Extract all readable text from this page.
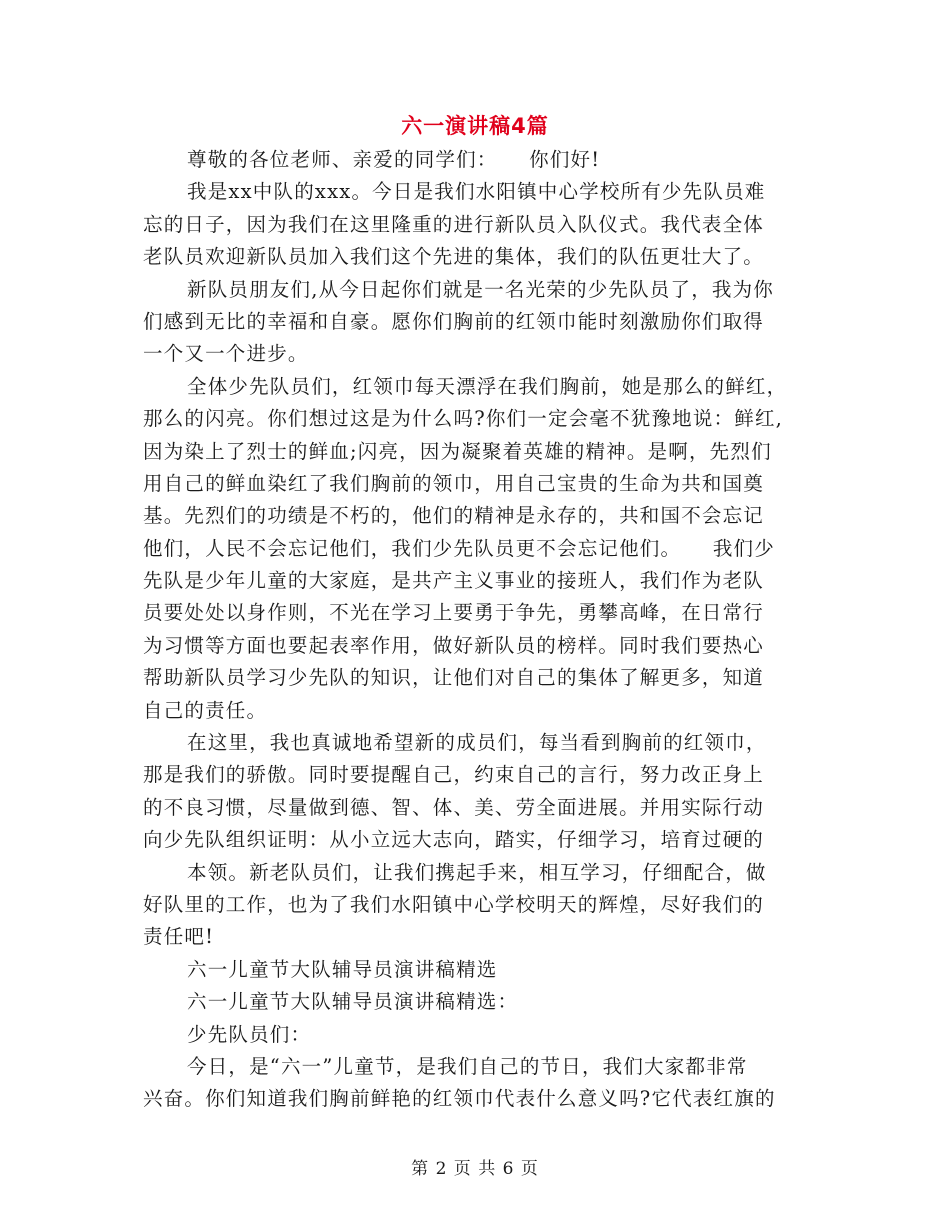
六一演讲稿4篇
尊敬的各位老师、亲爱的同学们：　　你们好!
我是xx中队的xxx。今日是我们水阳镇中心学校所有少先队员难
忘的日子，因为我们在这里隆重的进行新队员入队仪式。我代表全体
老队员欢迎新队员加入我们这个先进的集体，我们的队伍更壮大了。
新队员朋友们,从今日起你们就是一名光荣的少先队员了，我为你
们感到无比的幸福和自豪。愿你们胸前的红领巾能时刻激励你们取得
一个又一个进步。
全体少先队员们，红领巾每天漂浮在我们胸前，她是那么的鲜红，
那么的闪亮。你们想过这是为什么吗?你们一定会毫不犹豫地说：鲜红,
因为染上了烈士的鲜血;闪亮，因为凝聚着英雄的精神。是啊，先烈们
用自己的鲜血染红了我们胸前的领巾，用自己宝贵的生命为共和国奠
基。先烈们的功绩是不朽的，他们的精神是永存的，共和国不会忘记
他们，人民不会忘记他们，我们少先队员更不会忘记他们。　　我们少
先队是少年儿童的大家庭，是共产主义事业的接班人，我们作为老队
员要处处以身作则，不光在学习上要勇于争先，勇攀高峰，在日常行
为习惯等方面也要起表率作用，做好新队员的榜样。同时我们要热心
帮助新队员学习少先队的知识，让他们对自己的集体了解更多，知道
自己的责任。
在这里，我也真诚地希望新的成员们，每当看到胸前的红领巾，
那是我们的骄傲。同时要提醒自己，约束自己的言行，努力改正身上
的不良习惯，尽量做到德、智、体、美、劳全面进展。并用实际行动
向少先队组织证明：从小立远大志向，踏实，仔细学习，培育过硬的
本领。新老队员们，让我们携起手来，相互学习，仔细配合，做
好队里的工作，也为了我们水阳镇中心学校明天的辉煌，尽好我们的
责任吧!
六一儿童节大队辅导员演讲稿精选
六一儿童节大队辅导员演讲稿精选：
少先队员们：
今日，是“六一”儿童节，是我们自己的节日，我们大家都非常
兴奋。你们知道我们胸前鲜艳的红领巾代表什么意义吗?它代表红旗的
第 2 页 共 6 页
